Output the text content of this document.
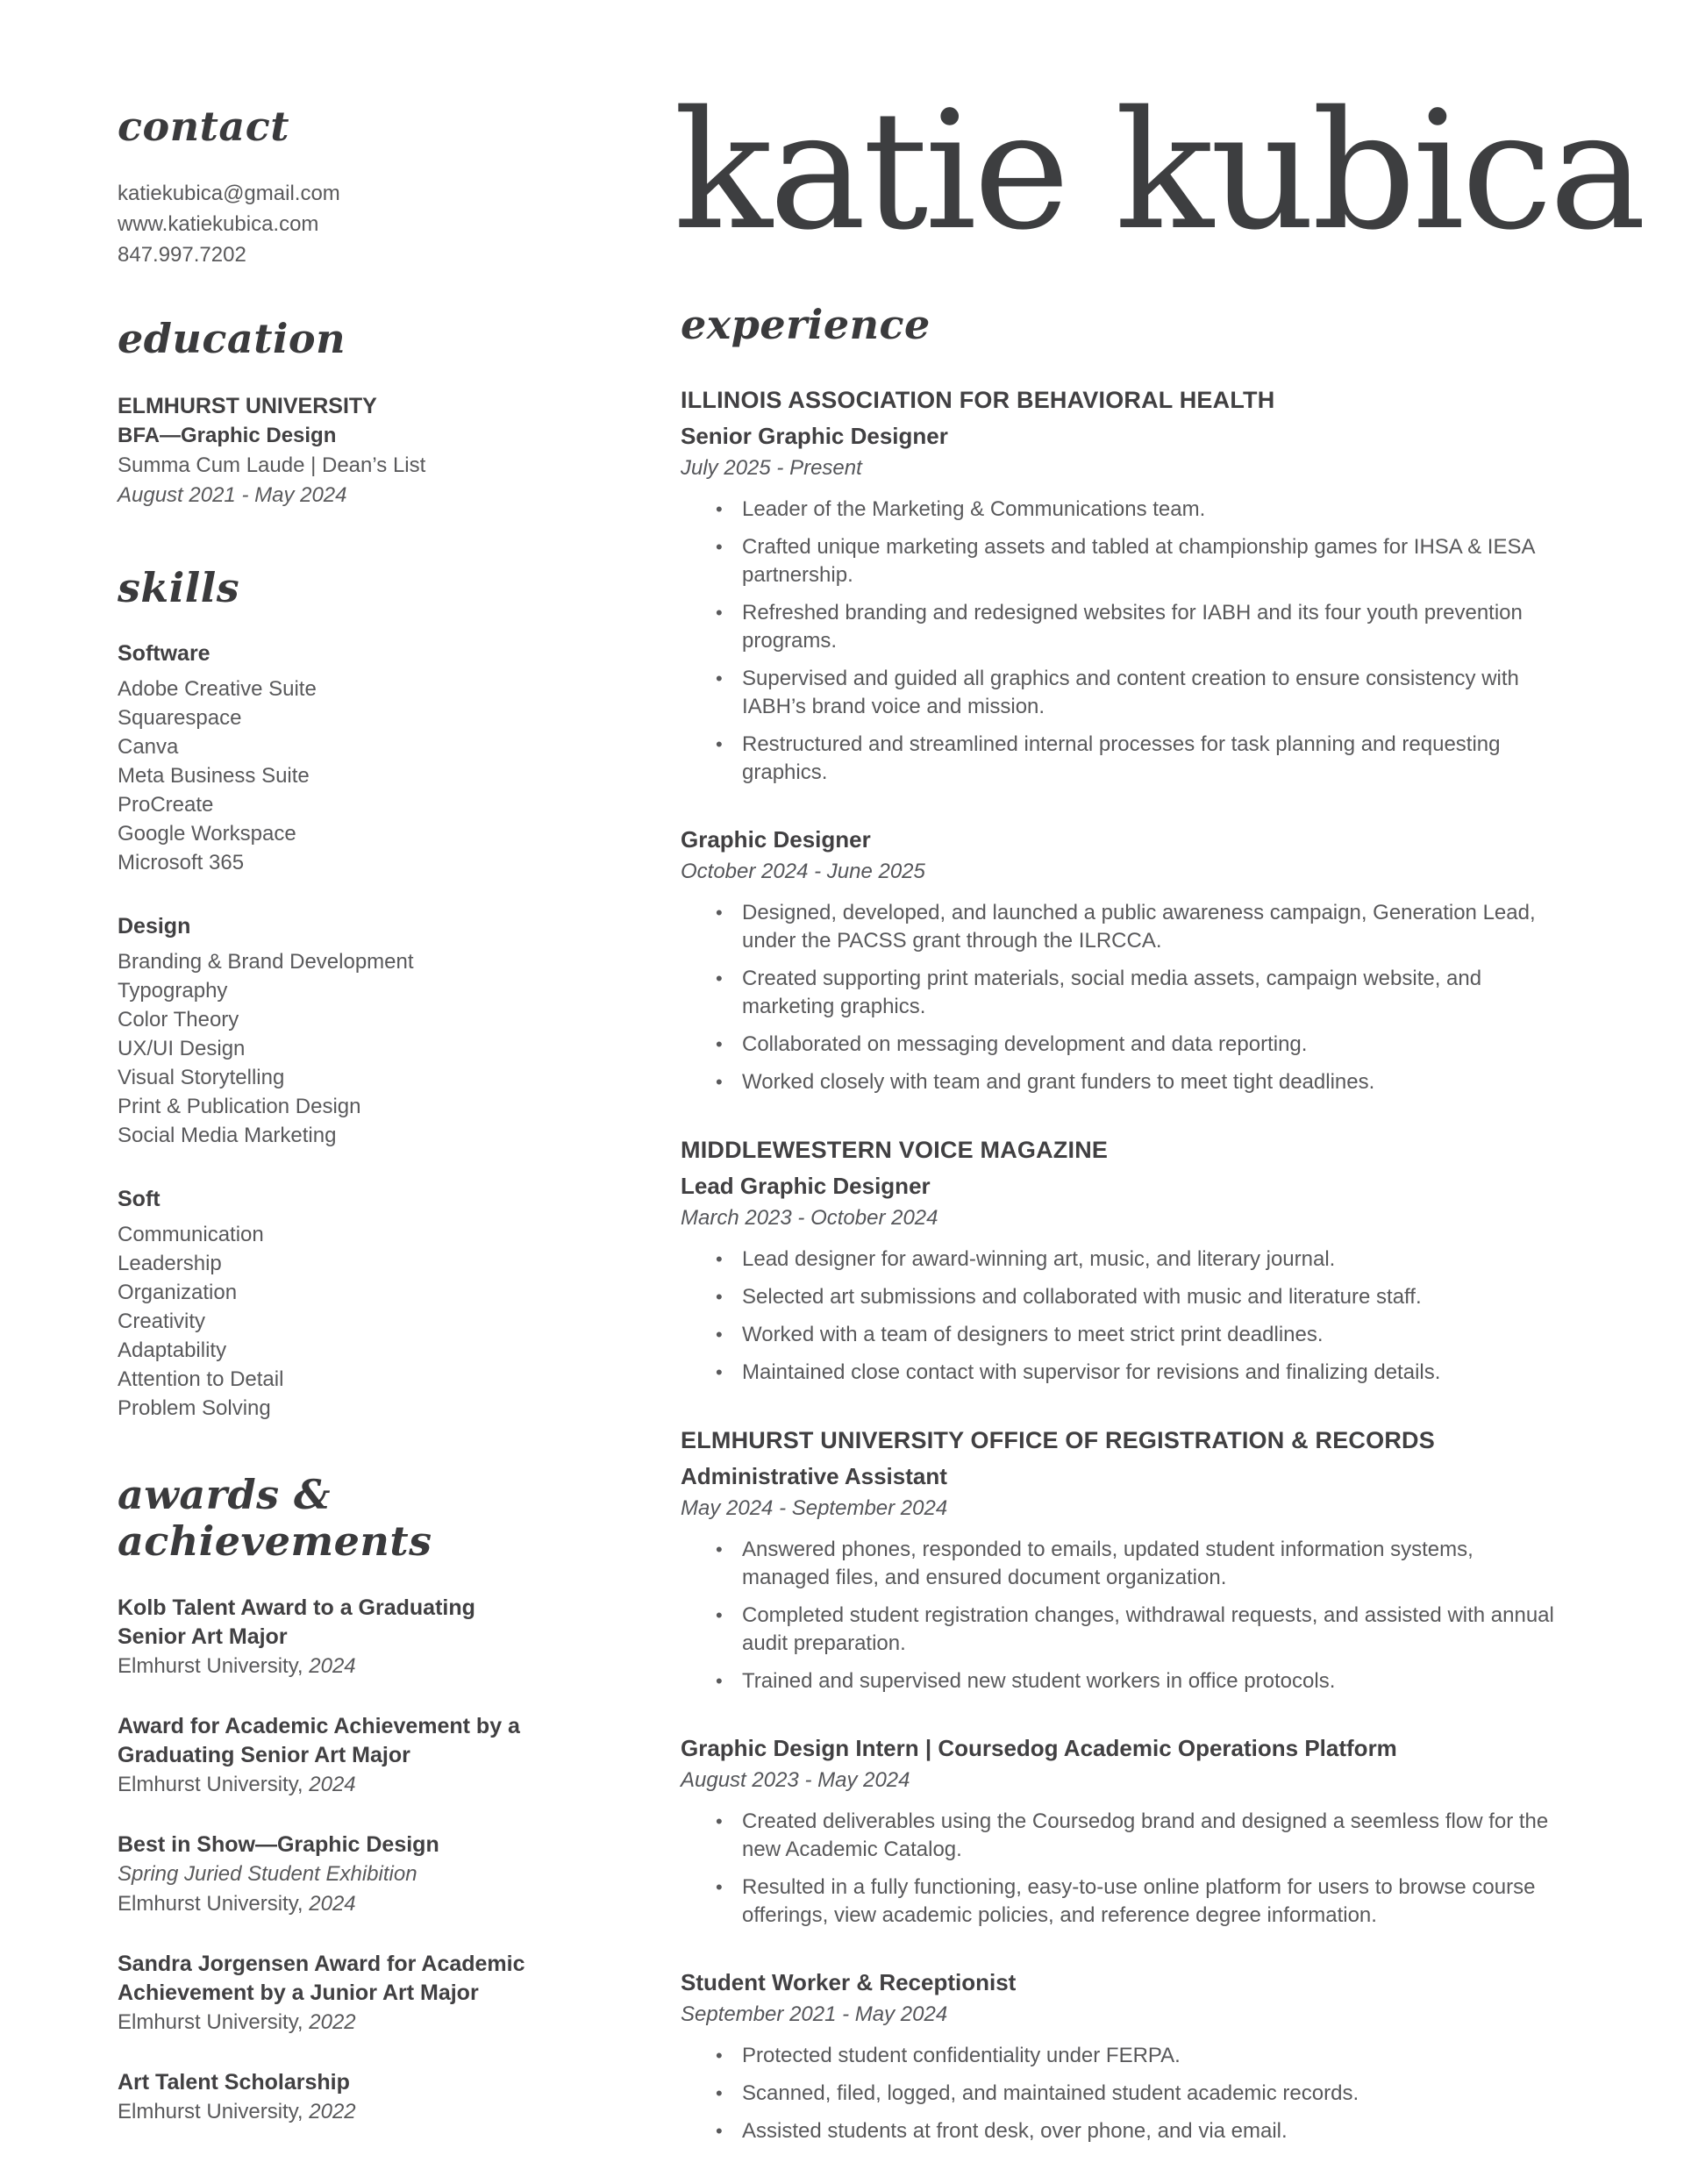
contact
katiekubica@gmail.com
www.katiekubica.com
847.997.7202
education
ELMHURST UNIVERSITY
BFA—Graphic Design
Summa Cum Laude | Dean’s List
August 2021 - May 2024
skills
Software
Adobe Creative Suite
Squarespace
Canva
Meta Business Suite
ProCreate
Google Workspace
Microsoft 365
Design
Branding & Brand Development
Typography
Color Theory
UX/UI Design
Visual Storytelling
Print & Publication Design
Social Media Marketing
Soft
Communication
Leadership
Organization
Creativity
Adaptability
Attention to Detail
Problem Solving
awards & achievements
Kolb Talent Award to a Graduating Senior Art Major
Elmhurst University, 2024
Award for Academic Achievement by a Graduating Senior Art Major
Elmhurst University, 2024
Best in Show—Graphic Design
Spring Juried Student Exhibition
Elmhurst University, 2024
Sandra Jorgensen Award for Academic Achievement by a Junior Art Major
Elmhurst University, 2022
Art Talent Scholarship
Elmhurst University, 2022
katie kubica
experience
ILLINOIS ASSOCIATION FOR BEHAVIORAL HEALTH
Senior Graphic Designer
July 2025 - Present
• Leader of the Marketing & Communications team.
• Crafted unique marketing assets and tabled at championship games for IHSA & IESA partnership.
• Refreshed branding and redesigned websites for IABH and its four youth prevention programs.
• Supervised and guided all graphics and content creation to ensure consistency with IABH’s brand voice and mission.
• Restructured and streamlined internal processes for task planning and requesting graphics.
Graphic Designer
October 2024 - June 2025
• Designed, developed, and launched a public awareness campaign, Generation Lead, under the PACSS grant through the ILRCCA.
• Created supporting print materials, social media assets, campaign website, and marketing graphics.
• Collaborated on messaging development and data reporting.
• Worked closely with team and grant funders to meet tight deadlines.
MIDDLEWESTERN VOICE MAGAZINE
Lead Graphic Designer
March 2023 - October 2024
• Lead designer for award-winning art, music, and literary journal.
• Selected art submissions and collaborated with music and literature staff.
• Worked with a team of designers to meet strict print deadlines.
• Maintained close contact with supervisor for revisions and finalizing details.
ELMHURST UNIVERSITY OFFICE OF REGISTRATION & RECORDS
Administrative Assistant
May 2024 - September 2024
• Answered phones, responded to emails, updated student information systems, managed files, and ensured document organization.
• Completed student registration changes, withdrawal requests, and assisted with annual audit preparation.
• Trained and supervised new student workers in office protocols.
Graphic Design Intern | Coursedog Academic Operations Platform
August 2023 - May 2024
• Created deliverables using the Coursedog brand and designed a seemless flow for the new Academic Catalog.
• Resulted in a fully functioning, easy-to-use online platform for users to browse course offerings, view academic policies, and reference degree information.
Student Worker & Receptionist
September 2021 - May 2024
• Protected student confidentiality under FERPA.
• Scanned, filed, logged, and maintained student academic records.
• Assisted students at front desk, over phone, and via email.
